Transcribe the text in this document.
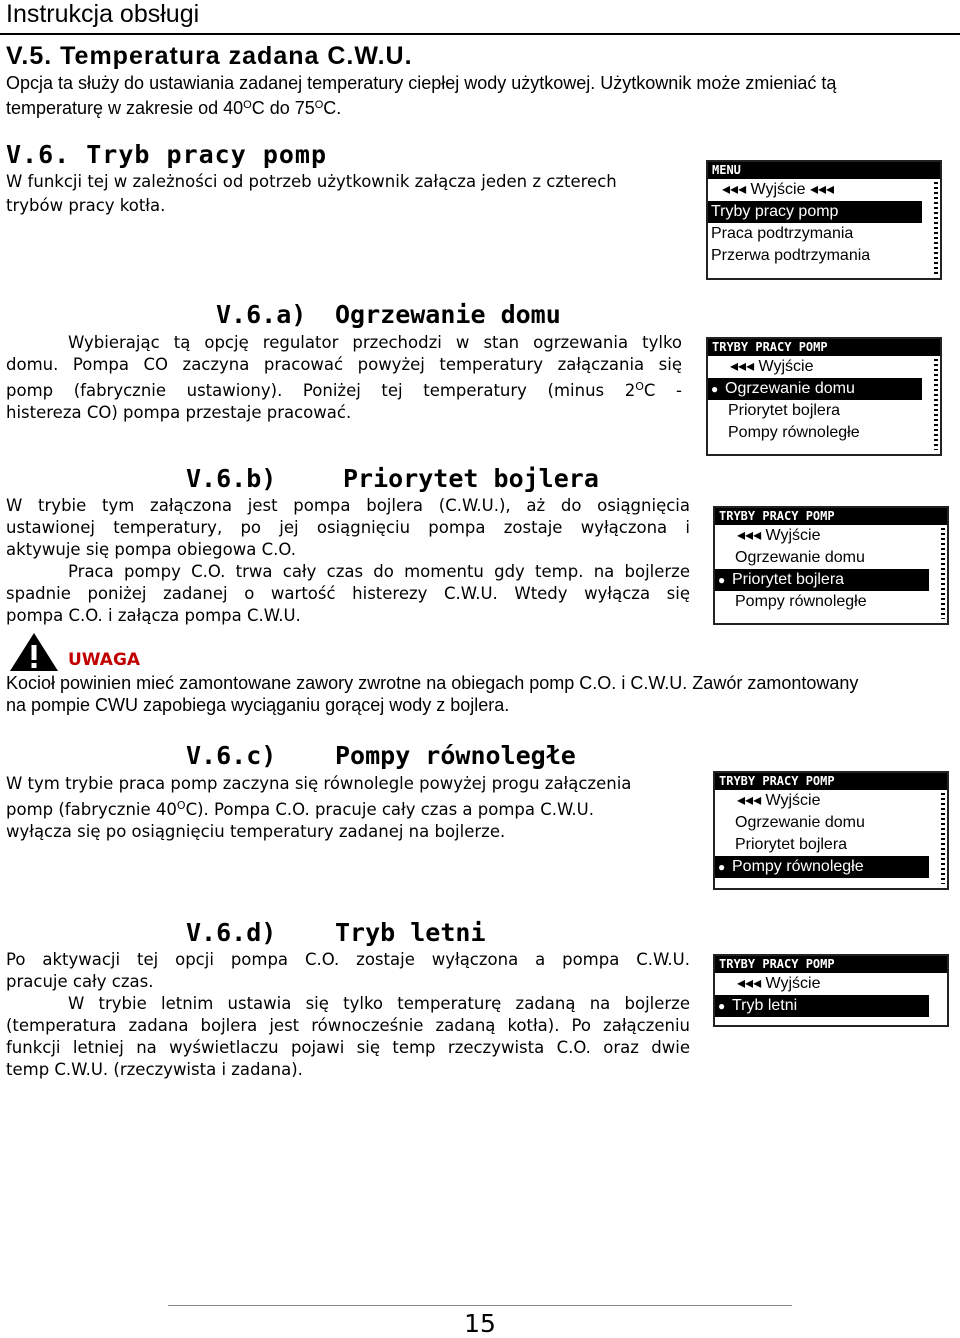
Instrukcja obsługi
V.5. Temperatura zadana C.W.U.
Opcja ta służy do ustawiania zadanej temperatury ciepłej wody użytkowej. Użytkownik może zmieniać tą
temperaturę w zakresie od $40^OC$ do $75^OC$.
V.6. Tryb pracy pomp
W funkcji tej w zależności od potrzeb użytkownik załącza jeden z czterech
trybów pracy kotła.
MENU
◂◂◂ Wyjście ◂◂◂
Tryby pracy pomp
Praca podtrzymania
Przerwa podtrzymania
V.6.a) Ogrzewanie domu
Wybierając tą opcję regulator przechodzi w stan ogrzewania tylko
domu. Pompa CO zaczyna pracować powyżej temperatury załączania się
pomp (fabrycznie ustawiony). Poniżej tej temperatury (minus $2^OC$ -
histereza CO) pompa przestaje pracować.
TRYBY PRACY POMP
◂◂◂ Wyjście
● Ogrzewanie domu
Priorytet bojlera
Pompy równoległe
V.6.b)	Priorytet bojlera
W trybie tym załączona jest pompa bojlera (C.W.U.), aż do osiągnięcia
ustawionej temperatury, po jej osiągnięciu pompa zostaje wyłączona i
aktywuje się pompa obiegowa C.O.
Praca pompy C.O. trwa cały czas do momentu gdy temp. na bojlerze
spadnie poniżej zadanej o wartość histerezy C.W.U. Wtedy wyłącza się
pompa C.O. i załącza pompa C.W.U.
TRYBY PRACY POMP
◂◂◂ Wyjście
Ogrzewanie domu
● Priorytet bojlera
Pompy równoległe
UWAGA
Kocioł powinien mieć zamontowane zawory zwrotne na obiegach pomp C.O. i C.W.U. Zawór zamontowany
na pompie CWU zapobiega wyciąganiu gorącej wody z bojlera.
V.6.c) Pompy równoległe
W tym trybie praca pomp zaczyna się równolegle powyżej progu załączenia
pomp (fabrycznie $40^OC$). Pompa C.O. pracuje cały czas a pompa C.W.U.
wyłącza się po osiągnięciu temperatury zadanej na bojlerze.
TRYBY PRACY POMP
◂◂◂ Wyjście
Ogrzewanie domu
Priorytet bojlera
● Pompy równoległe
V.6.d) Tryb letni
Po aktywacji tej opcji pompa C.O. zostaje wyłączona a pompa C.W.U.
pracuje cały czas.
W trybie letnim ustawia się tylko temperaturę zadaną na bojlerze
(temperatura zadana bojlera jest równocześnie zadaną kotła). Po załączeniu
funkcji letniej na wyświetlaczu pojawi się temp rzeczywista C.O. oraz dwie
temp C.W.U. (rzeczywista i zadana).
TRYBY PRACY POMP
◂◂◂ Wyjście
● Tryb letni
15
